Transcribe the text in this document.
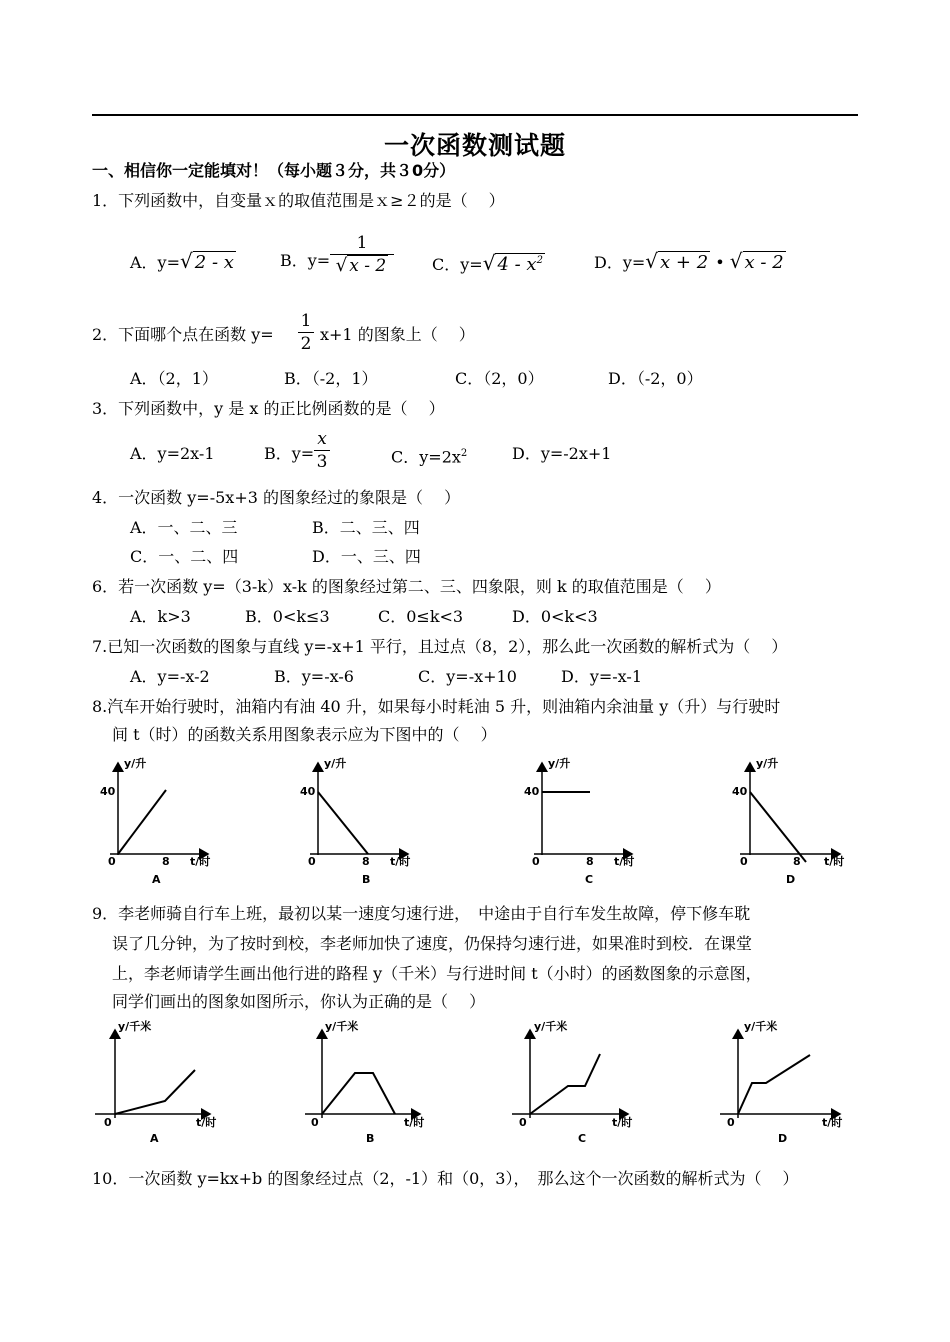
一次函数测试题
一、相信你一定能填对！（每小题３分，共３0分）
1．下列函数中，自变量ｘ的取值范围是ｘ≥２的是（　 ）
A．y=√ 2 - x	B．y=
1
√ x - 2	C．y=√ $4 - x^2$	D．y=√ x + 2 • √ x - 2
2．下面哪个点在函数 y=
1
2 x+1 的图象上（　 ）
A．（2，1）	B．（-2，1）	C．（2，0）	D．（-2，0）
3．下列函数中，y 是 x 的正比例函数的是（　 ）
A．y=2x-1	B．y=
x
3	C．$y=2x^2$	D．y=-2x+1
4．一次函数 y=-5x+3 的图象经过的象限是（　 ）
A．一、二、三	B．二、三、四
C．一、二、四	D．一、三、四
6．若一次函数 y=（3-k）x-k 的图象经过第二、三、四象限，则 k 的取值范围是（　 ）
A．k>3	B．0<k≤3	C．0≤k<3	D．0<k<3
7.已知一次函数的图象与直线 y=-x+1 平行，且过点（8，2），那么此一次函数的解析式为（　 ）
A．y=-x-2	B．y=-x-6	C．y=-x+10	D．y=-x-1
8.汽车开始行驶时，油箱内有油 40 升，如果每小时耗油 5 升，则油箱内余油量 y（升）与行驶时
间 t（时）的函数关系用图象表示应为下图中的（　 ）
y/升
40
0	8 t/时
A
y/升
40
0	8 t/时
B
y/升
40
0	8 t/时
C
y/升
40
0	8 t/时
D
9．李老师骑自行车上班，最初以某一速度匀速行进，　中途由于自行车发生故障，停下修车耽
误了几分钟，为了按时到校，李老师加快了速度，仍保持匀速行进，如果准时到校．在课堂
上，李老师请学生画出他行进的路程 y（千米）与行进时间 t（小时）的函数图象的示意图，
同学们画出的图象如图所示，你认为正确的是（　 ）
y/千米
0	t/时
A
y/千米
0	t/时
B
y/千米
0	t/时
C
y/千米
0	t/时
D
10．一次函数 y=kx+b 的图象经过点（2，-1）和（0，3），　那么这个一次函数的解析式为（　 ）
